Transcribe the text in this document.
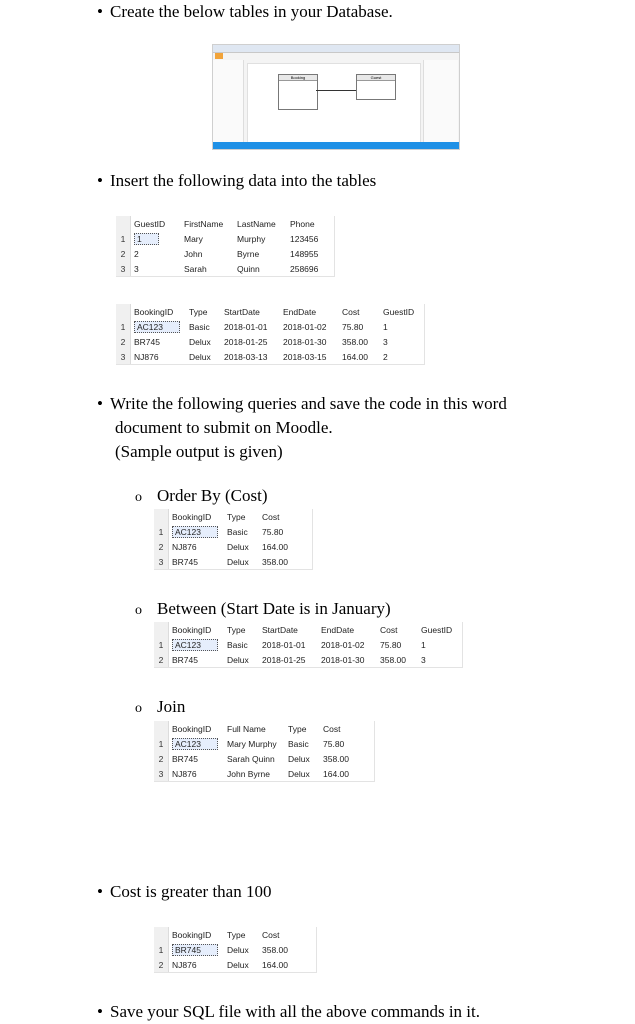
• Create the below tables in your Database.
Booking	Guest
• Insert the following data into the tables
	GuestID	FirstName	LastName	Phone
1	1	Mary	Murphy	123456
2	2	John	Byrne	148955
3	3	Sarah	Quinn	258696
	BookingID	Type	StartDate	EndDate	Cost	GuestID
1	AC123	Basic	2018-01-01	2018-01-02	75.80	1
2	BR745	Delux	2018-01-25	2018-01-30	358.00	3
3	NJ876	Delux	2018-03-13	2018-03-15	164.00	2
• Write the following queries and save the code in this word
document to submit on Moodle.
(Sample output is given)
o Order By (Cost)
	BookingID	Type	Cost
1	AC123	Basic	75.80
2	NJ876	Delux	164.00
3	BR745	Delux	358.00
o Between (Start Date is in January)
	BookingID	Type	StartDate	EndDate	Cost	GuestID
1	AC123	Basic	2018-01-01	2018-01-02	75.80	1
2	BR745	Delux	2018-01-25	2018-01-30	358.00	3
o Join
	BookingID	Full Name	Type	Cost
1	AC123	Mary Murphy	Basic	75.80
2	BR745	Sarah Quinn	Delux	358.00
3	NJ876	John Byrne	Delux	164.00
• Cost is greater than 100
	BookingID	Type	Cost
1	BR745	Delux	358.00
2	NJ876	Delux	164.00
• Save your SQL file with all the above commands in it.
